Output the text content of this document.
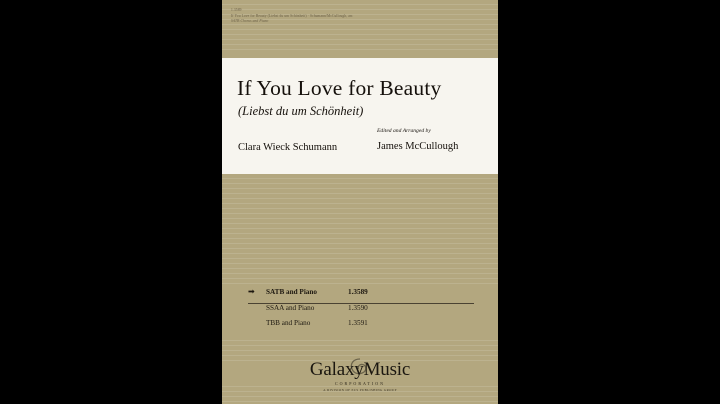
1.3589
If You Love for Beauty (Liebst du um Schönheit) · Schumann/McCullough, arr.
SATB Chorus and Piano
If You Love for Beauty
(Liebst du um Schönheit)
Clara Wieck Schumann
Edited and Arranged by
James McCullough
➡	SATB and Piano	1.3589
SSAA and Piano	1.3590
TBB and Piano	1.3591
GalaxyMusic
CORPORATION
A DIVISION OF ECS PUBLISHING GROUP
